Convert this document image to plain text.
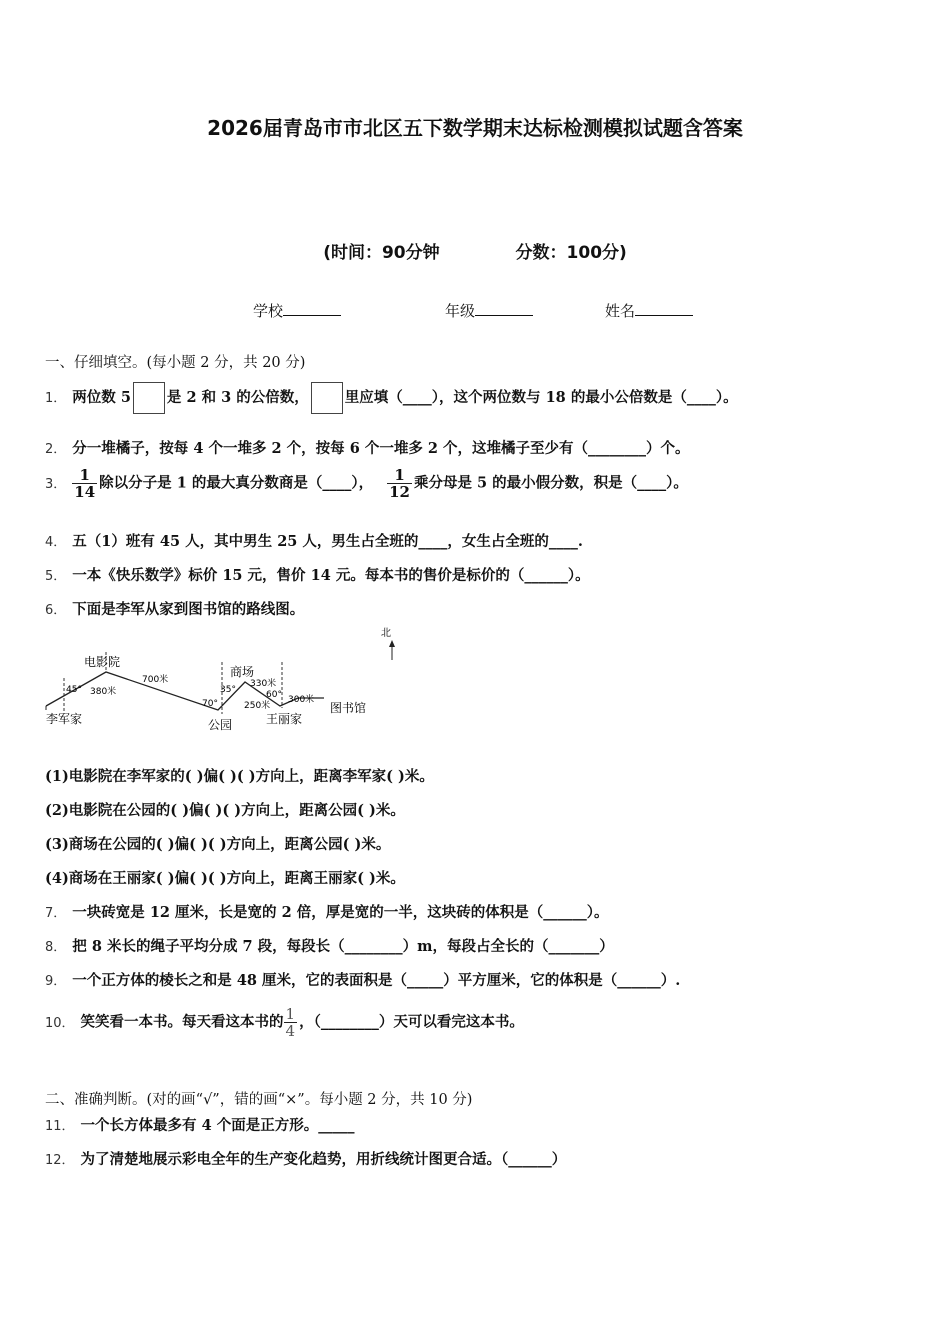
2026届青岛市市北区五下数学期末达标检测模拟试题含答案
(时间：90分钟	分数：100分)
学校	年级	姓名
一、仔细填空。(每小题 2 分，共 20 分)
1． 两位数 5 是 2 和 3 的公倍数， 里应填（____），这个两位数与 18 的最小公倍数是（____）。
2． 分一堆橘子，按每 4 个一堆多 2 个，按每 6 个一堆多 2 个，这堆橘子至少有（________）个。
3． $\frac{1}{14}$ 除以分子是 1 的最大真分数商是（____）， $\frac{1}{12}$ 乘分母是 5 的最小假分数，积是（____）。
4． 五（1）班有 45 人，其中男生 25 人，男生占全班的____，女生占全班的____.
5． 一本《快乐数学》标价 15 元，售价 14 元。每本书的售价是标价的（______）。
6． 下面是李军从家到图书馆的路线图。
北
李军家
电影院
公园
商场
王丽家
图书馆
45° 380米
700米
70°
35°
250米
330米
60° 300米
(1)电影院在李军家的( )偏( )( )方向上，距离李军家( )米。
(2)电影院在公园的( )偏( )( )方向上，距离公园( )米。
(3)商场在公园的( )偏( )( )方向上，距离公园( )米。
(4)商场在王丽家( )偏( )( )方向上，距离王丽家( )米。
7． 一块砖宽是 12 厘米，长是宽的 2 倍，厚是宽的一半，这块砖的体积是（______）。
8． 把 8 米长的绳子平均分成 7 段，每段长（________）m，每段占全长的（_______）
9． 一个正方体的棱长之和是 48 厘米，它的表面积是（_____）平方厘米，它的体积是（______）.
10． 笑笑看一本书。每天看这本书的 $\frac{1}{4}$ ，（________）天可以看完这本书。
二、准确判断。(对的画“√”，错的画“×”。每小题 2 分，共 10 分)
11． 一个长方体最多有 4 个面是正方形。_____
12． 为了清楚地展示彩电全年的生产变化趋势，用折线统计图更合适。（______）
